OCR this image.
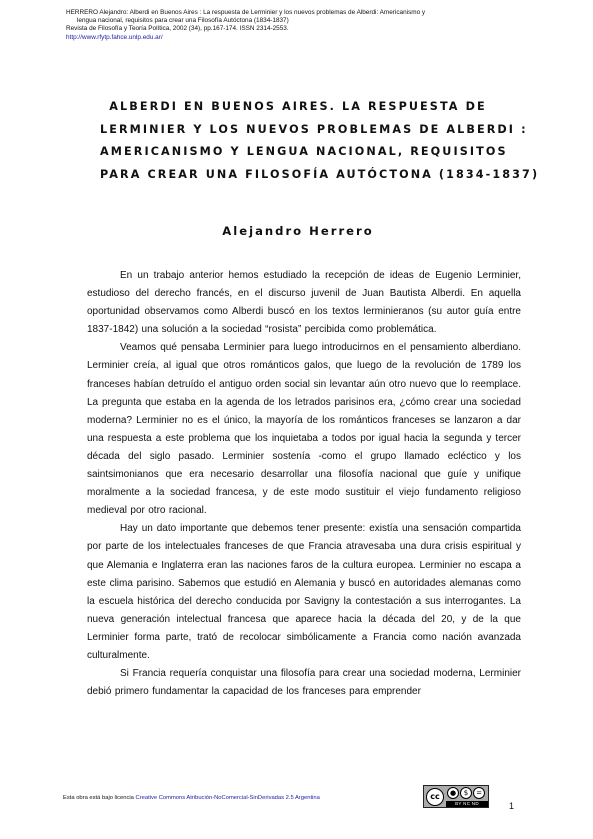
HERRERO Alejandro: Alberdi en Buenos Aires : La respuesta de Lerminier y los nuevos problemas de Alberdi: Americanismo y
lengua nacional, requisitos para crear una Filosofía Autóctona (1834-1837)
Revista de Filosofía y Teoría Política, 2002 (34), pp.167-174. ISSN 2314-2553.
http://www.rfytp.fahce.unlp.edu.ar/
ALBERDI EN BUENOS AIRES. LA RESPUESTA DE
LERMINIER Y LOS NUEVOS PROBLEMAS DE ALBERDI :
AMERICANISMO Y LENGUA NACIONAL, REQUISITOS
PARA CREAR UNA FILOSOFÍA AUTÓCTONA (1834-1837)
Alejandro Herrero

En un trabajo anterior hemos estudiado la recepción de ideas de Eugenio Lerminier, estudioso del derecho francés, en el discurso juvenil de Juan Bautista Alberdi. En aquella oportunidad observamos como Alberdi buscó en los textos lerminieranos (su autor guía entre 1837-1842) una solución a la sociedad “rosista” percibida como problemática.

Veamos qué pensaba Lerminier para luego introducirnos en el pensamiento alberdiano. Lerminier creía, al igual que otros románticos galos, que luego de la revolución de 1789 los franceses habían detruído el antiguo orden social sin levantar aún otro nuevo que lo reemplace. La pregunta que estaba en la agenda de los letrados parisinos era, ¿cómo crear una sociedad moderna? Lerminier no es el único, la mayoría de los románticos franceses se lanzaron a dar una respuesta a este problema que los inquietaba a todos por igual hacia la segunda y tercer década del siglo pasado. Lerminier sostenía -como el grupo llamado ecléctico y los saintsimonianos que era necesario desarrollar una filosofía nacional que guíe y unifique moralmente a la sociedad francesa, y de este modo sustituir el viejo fundamento religioso medieval por otro racional.

Hay un dato importante que debemos tener presente: existía una sensación compartida por parte de los intelectuales franceses de que Francia atravesaba una dura crisis espiritual y que Alemania e Inglaterra eran las naciones faros de la cultura europea. Lerminier no escapa a este clima parisino. Sabemos que estudió en Alemania y buscó en autoridades alemanas como la escuela histórica del derecho conducida por Savigny la contestación a sus interrogantes. La nueva generación intelectual francesa que aparece hacia la década del 20, y de la que Lerminier forma parte, trató de recolocar simbólicamente a Francia como nación avanzada culturalmente.

Si Francia requería conquistar una filosofía para crear una sociedad moderna, Lerminier debió primero fundamentar la capacidad de los franceses para emprender

Esta obra está bajo licencia Creative Commons Atribución-NoComercial-SinDerivadas 2.5 Argentina	cc	●	$	=
BY NC ND	1
